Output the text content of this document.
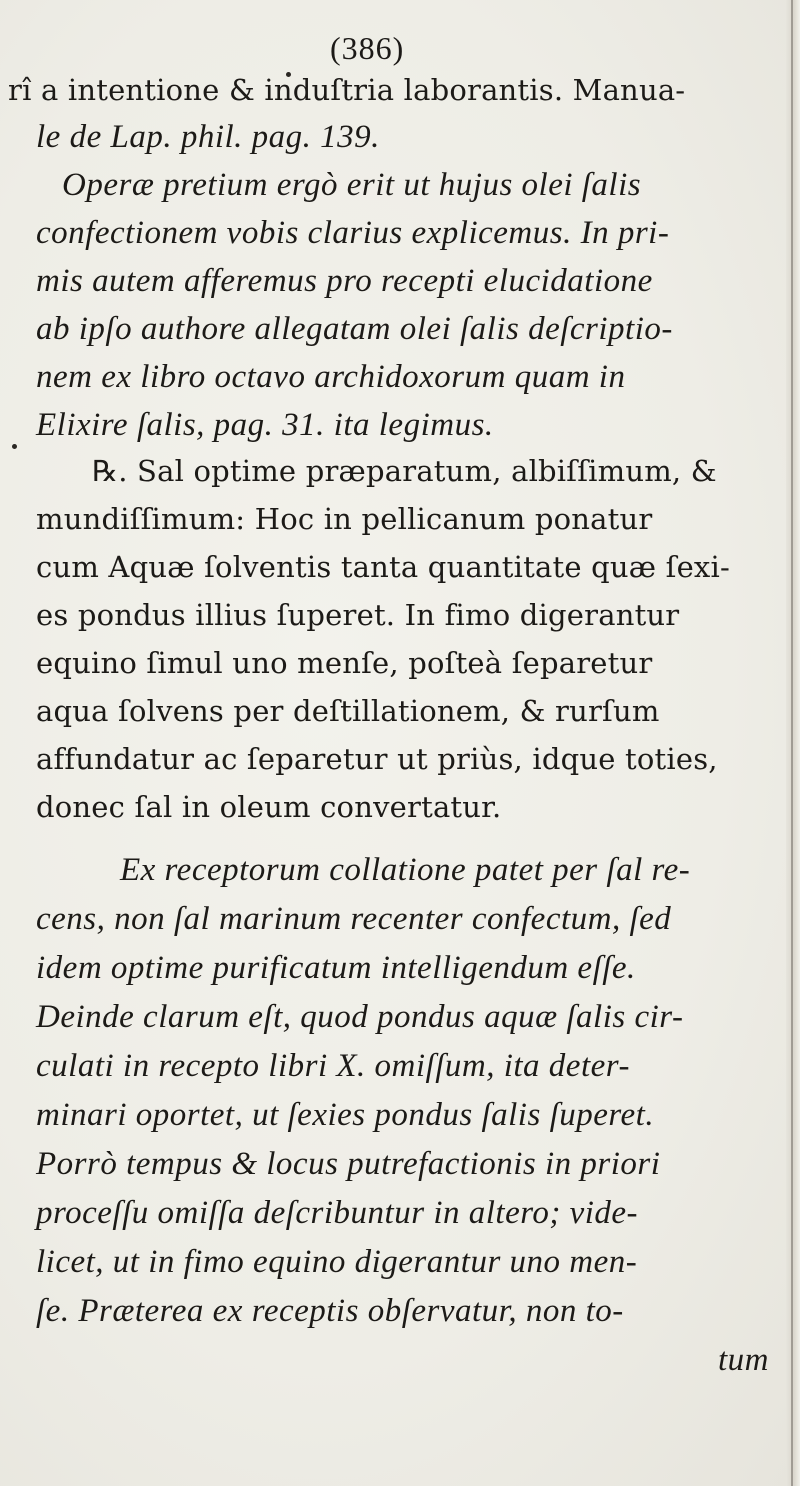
(386)
rî a intentione & induſtria laborantis. Manua-
le de Lap. phil. pag. 139.
Operæ pretium ergò erit ut hujus olei ſalis
confectionem vobis clarius explicemus. In pri-
mis autem afferemus pro recepti elucidatione
ab ipſo authore allegatam olei ſalis deſcriptio-
nem ex libro octavo archidoxorum quam in
Elixire ſalis, pag. 31. ita legimus.
℞. Sal optime præparatum, albiſſimum, &
mundiſſimum: Hoc in pellicanum ponatur
cum Aquæ ſolventis tanta quantitate quæ ſexi-
es pondus illius ſuperet. In fimo digerantur
equino ſimul uno menſe, poſteà ſeparetur
aqua ſolvens per deſtillationem, & rurſum
affundatur ac ſeparetur ut priùs, idque toties,
donec ſal in oleum convertatur.
Ex receptorum collatione patet per ſal re-
cens, non ſal marinum recenter confectum, ſed
idem optime purificatum intelligendum eſſe.
Deinde clarum eſt, quod pondus aquæ ſalis cir-
culati in recepto libri X. omiſſum, ita deter-
minari oportet, ut ſexies pondus ſalis ſuperet.
Porrò tempus & locus putrefactionis in priori
proceſſu omiſſa deſcribuntur in altero; vide-
licet, ut in fimo equino digerantur uno men-
ſe. Præterea ex receptis obſervatur, non to-
tum
